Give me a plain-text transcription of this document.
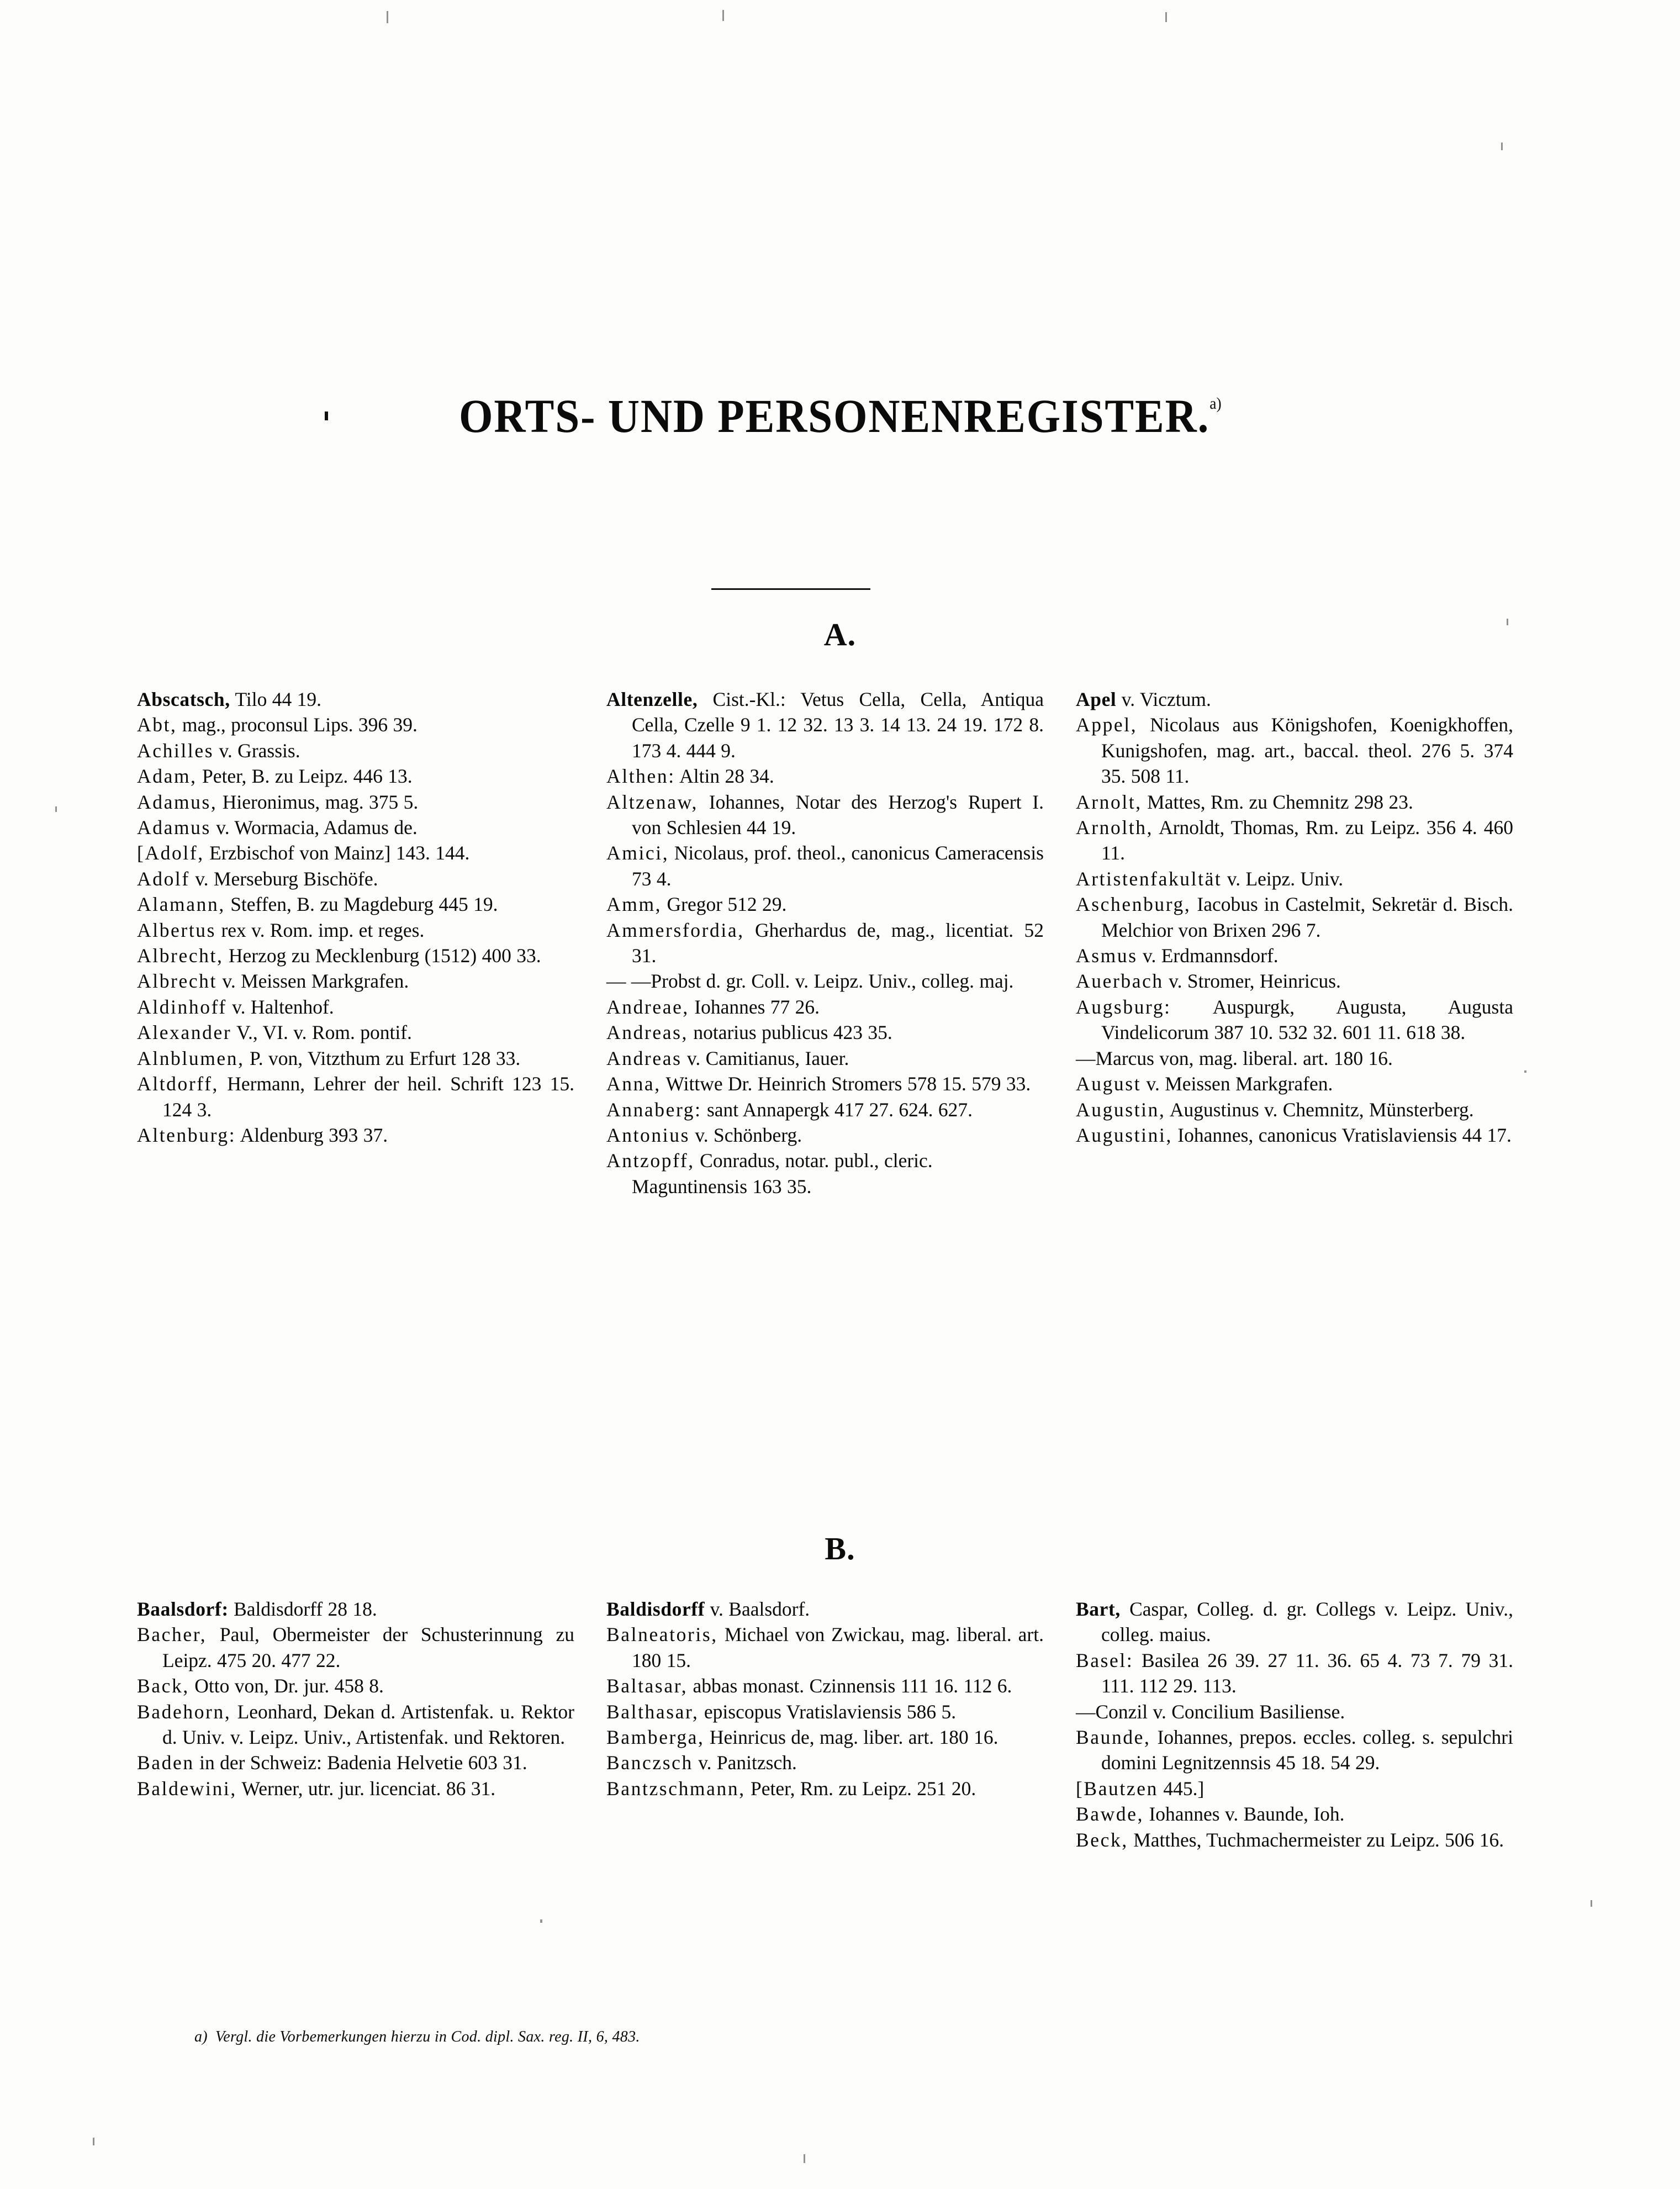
ORTS- UND PERSONENREGISTER.$^{a)}$
A.

Abscatsch, Tilo 44 19.

Abt, mag., proconsul Lips. 396 39.

Achilles v. Grassis.

Adam, Peter, B. zu Leipz. 446 13.

Adamus, Hieronimus, mag. 375 5.

Adamus v. Wormacia, Adamus de.

[Adolf, Erzbischof von Mainz] 143. 144.

Adolf v. Merseburg Bischöfe.

Alamann, Steffen, B. zu Magdeburg 445 19.

Albertus rex v. Rom. imp. et reges.

Albrecht, Herzog zu Mecklenburg (1512) 400 33.

Albrecht v. Meissen Markgrafen.

Aldinhoff v. Haltenhof.

Alexander V., VI. v. Rom. pontif.

Alnblumen, P. von, Vitzthum zu Erfurt 128 33.

Altdorff, Hermann, Lehrer der heil. Schrift 123 15. 124 3.

Altenburg: Aldenburg 393 37.

Altenzelle, Cist.-Kl.: Vetus Cella, Cella, Antiqua Cella, Czelle 9 1. 12 32. 13 3. 14 13. 24 19. 172 8. 173 4. 444 9.

Althen: Altin 28 34.

Altzenaw, Iohannes, Notar des Herzog's Rupert I. von Schlesien 44 19.

Amici, Nicolaus, prof. theol., canonicus Cameracensis 73 4.

Amm, Gregor 512 29.

Ammersfordia, Gherhardus de, mag., licentiat. 52 31.

— —Probst d. gr. Coll. v. Leipz. Univ., colleg. maj.

Andreae, Iohannes 77 26.

Andreas, notarius publicus 423 35.

Andreas v. Camitianus, Iauer.

Anna, Wittwe Dr. Heinrich Stromers 578 15. 579 33.

Annaberg: sant Annapergk 417 27. 624. 627.

Antonius v. Schönberg.

Antzopff, Conradus, notar. publ., cleric. Maguntinensis 163 35.

Apel v. Vicztum.

Appel, Nicolaus aus Königshofen, Koenigkhoffen, Kunigshofen, mag. art., baccal. theol. 276 5. 374 35. 508 11.

Arnolt, Mattes, Rm. zu Chemnitz 298 23.

Arnolth, Arnoldt, Thomas, Rm. zu Leipz. 356 4. 460 11.

Artistenfakultät v. Leipz. Univ.

Aschenburg, Iacobus in Castelmit, Sekretär d. Bisch. Melchior von Brixen 296 7.

Asmus v. Erdmannsdorf.

Auerbach v. Stromer, Heinricus.

Augsburg: Auspurgk, Augusta, Augusta Vindelicorum 387 10. 532 32. 601 11. 618 38.

—Marcus von, mag. liberal. art. 180 16.

August v. Meissen Markgrafen.

Augustin, Augustinus v. Chemnitz, Münsterberg.

Augustini, Iohannes, canonicus Vratislaviensis 44 17.

B.

Baalsdorf: Baldisdorff 28 18.

Bacher, Paul, Obermeister der Schusterinnung zu Leipz. 475 20. 477 22.

Back, Otto von, Dr. jur. 458 8.

Badehorn, Leonhard, Dekan d. Artistenfak. u. Rektor d. Univ. v. Leipz. Univ., Artistenfak. und Rektoren.

Baden in der Schweiz: Badenia Helvetie 603 31.

Baldewini, Werner, utr. jur. licenciat. 86 31.

Baldisdorff v. Baalsdorf.

Balneatoris, Michael von Zwickau, mag. liberal. art. 180 15.

Baltasar, abbas monast. Czinnensis 111 16. 112 6.

Balthasar, episcopus Vratislaviensis 586 5.

Bamberga, Heinricus de, mag. liber. art. 180 16.

Banczsch v. Panitzsch.

Bantzschmann, Peter, Rm. zu Leipz. 251 20.

Bart, Caspar, Colleg. d. gr. Collegs v. Leipz. Univ., colleg. maius.

Basel: Basilea 26 39. 27 11. 36. 65 4. 73 7. 79 31. 111. 112 29. 113.

—Conzil v. Concilium Basiliense.

Baunde, Iohannes, prepos. eccles. colleg. s. sepulchri domini Legnitzennsis 45 18. 54 29.

[Bautzen 445.]

Bawde, Iohannes v. Baunde, Ioh.

Beck, Matthes, Tuchmachermeister zu Leipz. 506 16.

a) Vergl. die Vorbemerkungen hierzu in Cod. dipl. Sax. reg. II, 6, 483.
